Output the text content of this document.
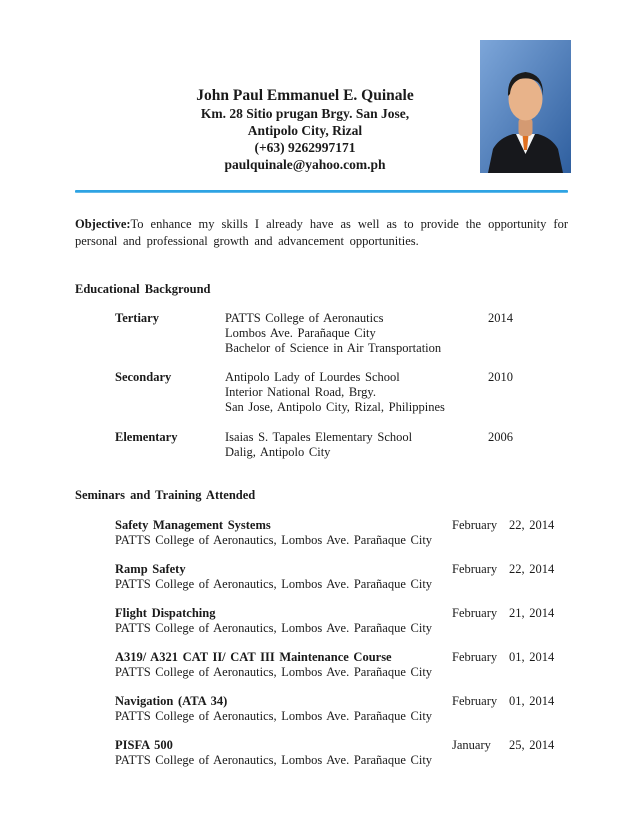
John Paul Emmanuel E. Quinale
Km. 28 Sitio prugan Brgy. San Jose,
Antipolo City, Rizal
(+63) 9262997171
paulquinale@yahoo.com.ph

Objective:To enhance my skills I already have as well as to provide the opportunity for personal and professional growth and advancement opportunities.

Educational Background
Tertiary	PATTS College of Aeronautics
Lombos Ave. Parañaque City
Bachelor of Science in Air Transportation
2014
Secondary	Antipolo Lady of Lourdes School
Interior National Road, Brgy.
San Jose, Antipolo City, Rizal, Philippines
2010
Elementary	Isaias S. Tapales Elementary School
Dalig, Antipolo City
2006
Seminars and Training Attended
Safety Management Systems
PATTS College of Aeronautics, Lombos Ave. Parañaque City
February 22, 2014
Ramp Safety
PATTS College of Aeronautics, Lombos Ave. Parañaque City
February 22, 2014
Flight Dispatching
PATTS College of Aeronautics, Lombos Ave. Parañaque City
February 21, 2014
A319/ A321 CAT II/ CAT III Maintenance Course
PATTS College of Aeronautics, Lombos Ave. Parañaque City
February 01, 2014
Navigation (ATA 34)
PATTS College of Aeronautics, Lombos Ave. Parañaque City
February 01, 2014
PISFA 500
PATTS College of Aeronautics, Lombos Ave. Parañaque City
January	25, 2014
